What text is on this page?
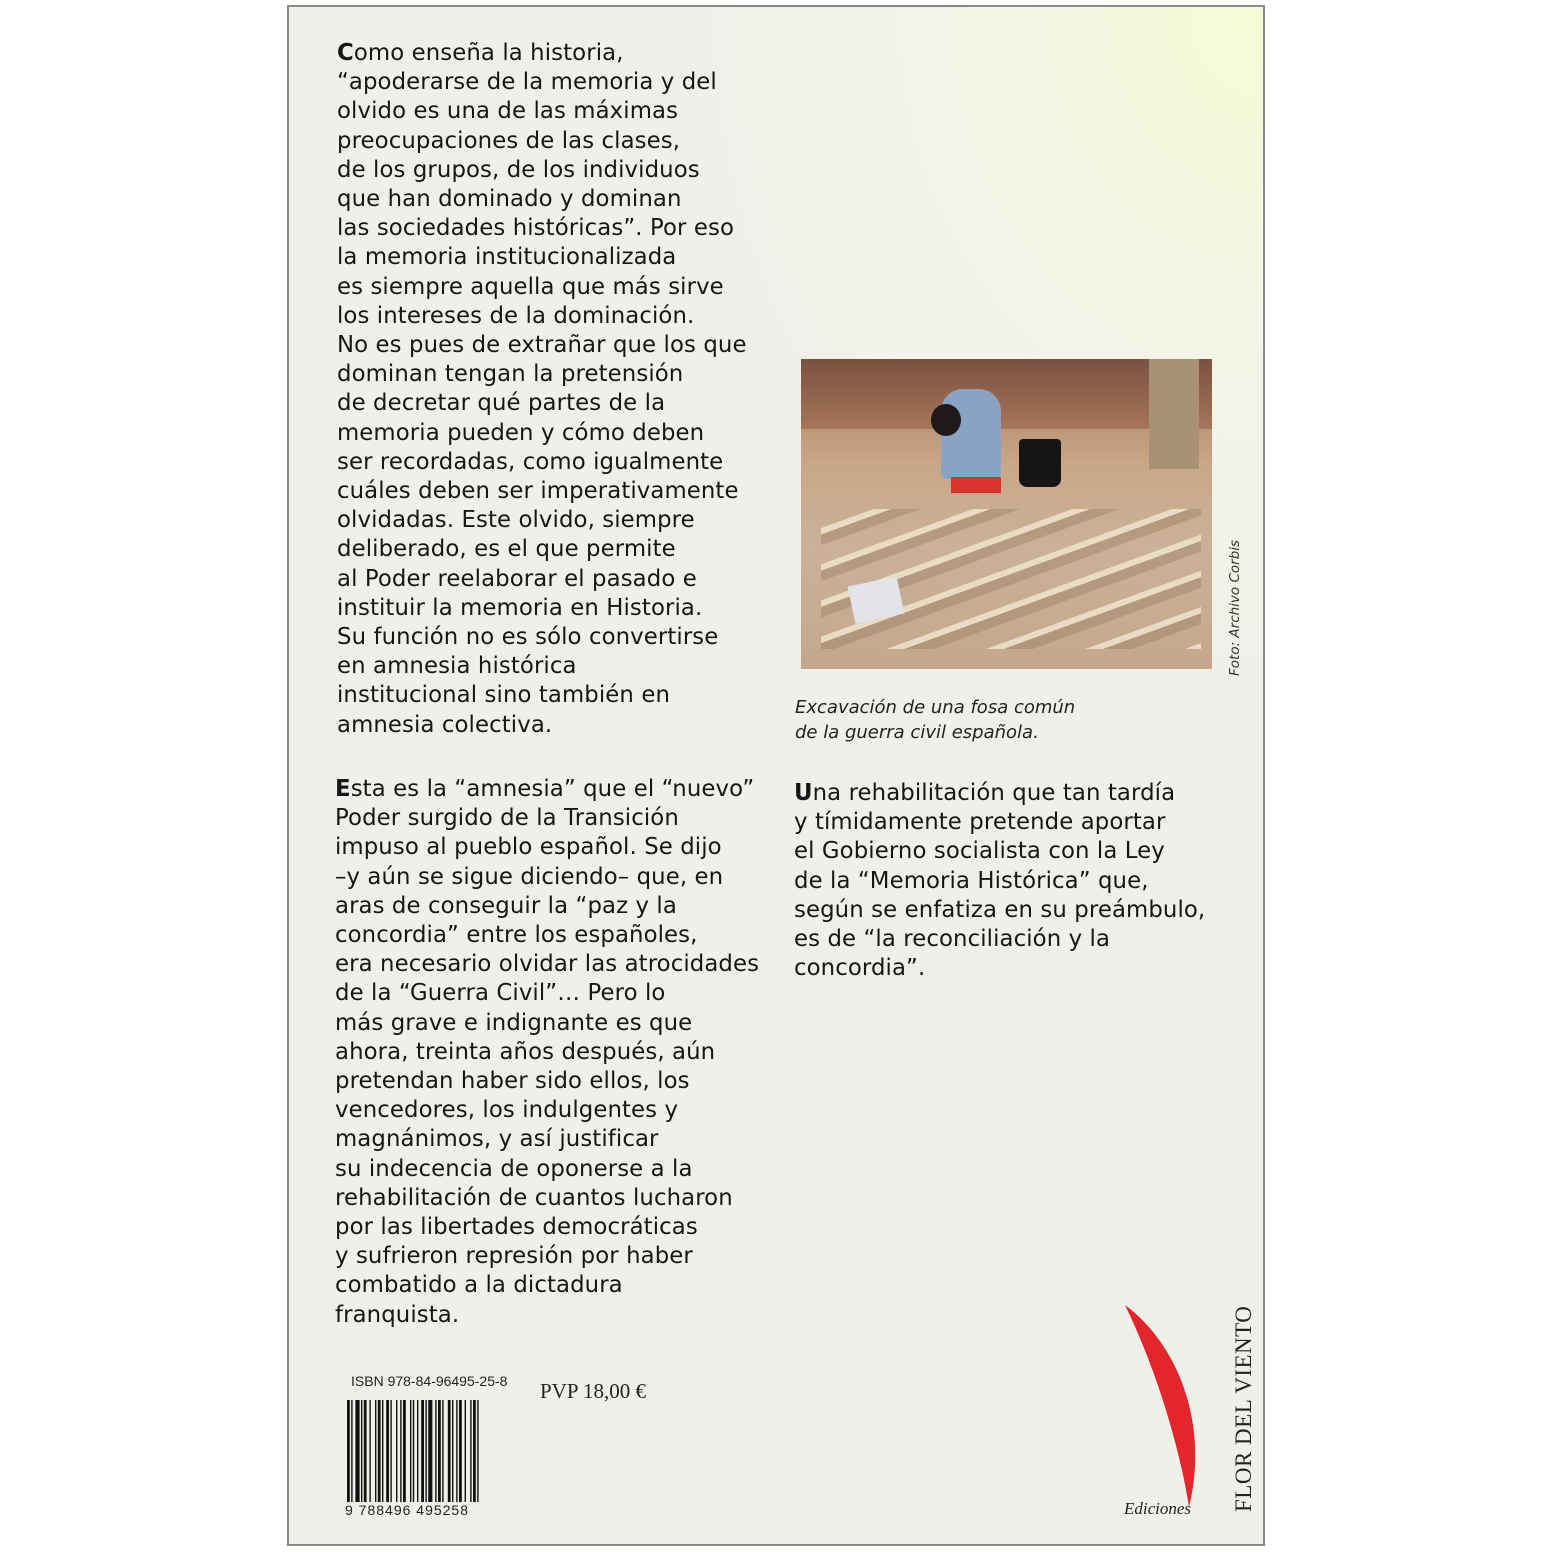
Como enseña la historia,
“apoderarse de la memoria y del
olvido es una de las máximas
preocupaciones de las clases,
de los grupos, de los individuos
que han dominado y dominan
las sociedades históricas”. Por eso
la memoria institucionalizada
es siempre aquella que más sirve
los intereses de la dominación.
No es pues de extrañar que los que
dominan tengan la pretensión
de decretar qué partes de la
memoria pueden y cómo deben
ser recordadas, como igualmente
cuáles deben ser imperativamente
olvidadas. Este olvido, siempre
deliberado, es el que permite
al Poder reelaborar el pasado e
instituir la memoria en Historia.
Su función no es sólo convertirse
en amnesia histórica
institucional sino también en
amnesia colectiva.

Esta es la “amnesia” que el “nuevo”
Poder surgido de la Transición
impuso al pueblo español. Se dijo
–y aún se sigue diciendo– que, en
aras de conseguir la “paz y la
concordia” entre los españoles,
era necesario olvidar las atrocidades
de la “Guerra Civil”… Pero lo
más grave e indignante es que
ahora, treinta años después, aún
pretendan haber sido ellos, los
vencedores, los indulgentes y
magnánimos, y así justificar
su indecencia de oponerse a la
rehabilitación de cuantos lucharon
por las libertades democráticas
y sufrieron represión por haber
combatido a la dictadura
franquista.

Una rehabilitación que tan tardía
y tímidamente pretende aportar
el Gobierno socialista con la Ley
de la “Memoria Histórica” que,
según se enfatiza en su preámbulo,
es de “la reconciliación y la
concordia”.

Foto: Archivo Corbis

Excavación de una fosa común
de la guerra civil española.

ISBN 978-84-96495-25-8 PVP 18,00 €
9 788496 495258	Ediciones FLOR DEL VIENTO
